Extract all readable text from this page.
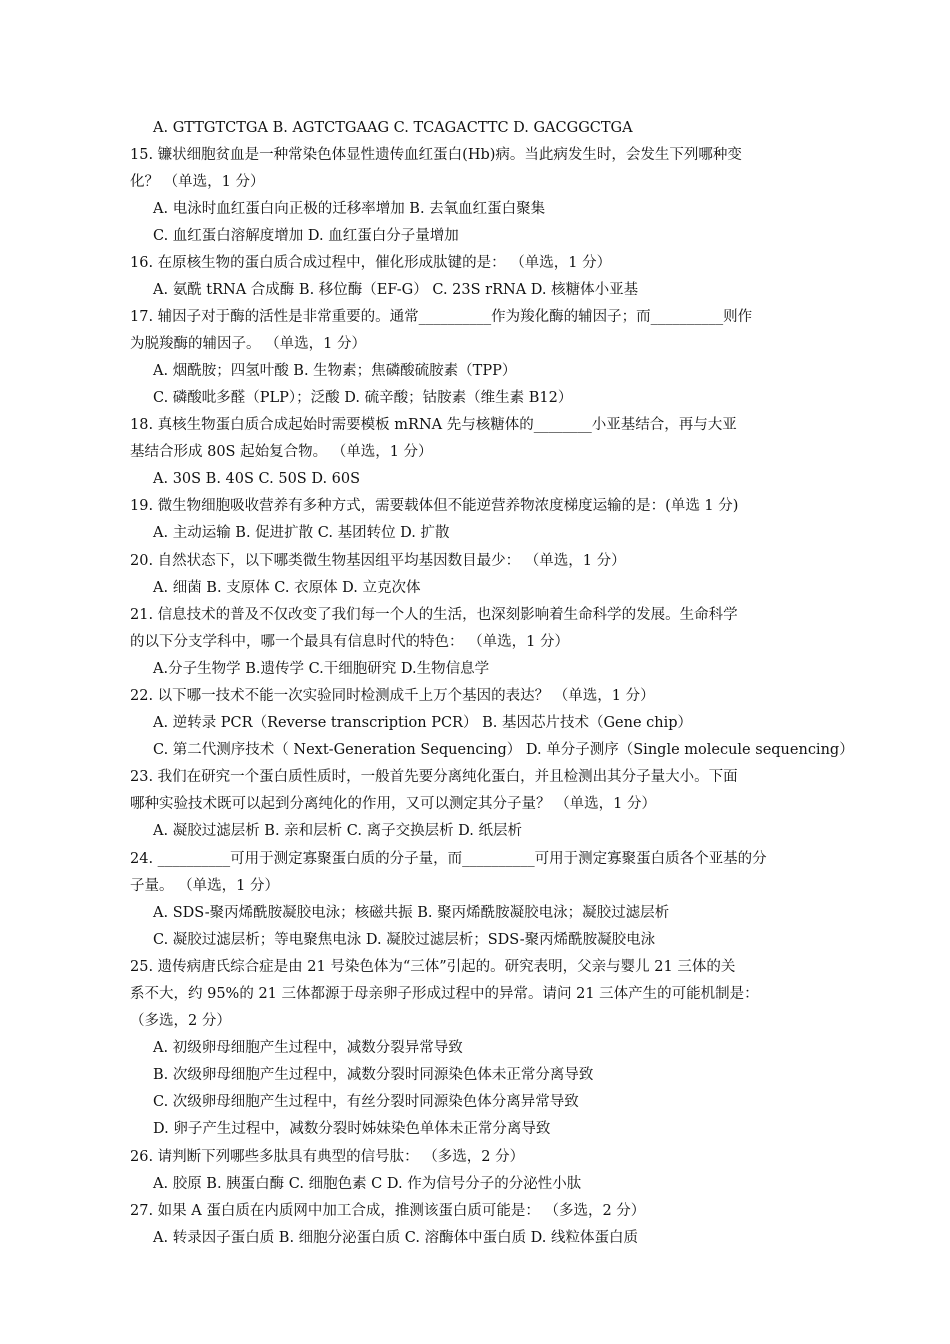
A. GTTGTCTGA B. AGTCTGAAG C. TCAGACTTC D. GACGGCTGA
15. 镰状细胞贫血是一种常染色体显性遗传血红蛋白(Hb)病。当此病发生时，会发生下列哪种变
化？ （单选，1 分）
A. 电泳时血红蛋白向正极的迁移率增加 B. 去氧血红蛋白聚集
C. 血红蛋白溶解度增加 D. 血红蛋白分子量增加
16. 在原核生物的蛋白质合成过程中，催化形成肽键的是： （单选，1 分）
A. 氨酰 tRNA 合成酶 B. 移位酶（EF-G） C. 23S rRNA D. 核糖体小亚基
17. 辅因子对于酶的活性是非常重要的。通常__________作为羧化酶的辅因子；而__________则作
为脱羧酶的辅因子。 （单选，1 分）
A. 烟酰胺；四氢叶酸 B. 生物素；焦磷酸硫胺素（TPP）
C. 磷酸吡多醛（PLP）；泛酸 D. 硫辛酸；钴胺素（维生素 B12）
18. 真核生物蛋白质合成起始时需要模板 mRNA 先与核糖体的________小亚基结合，再与大亚
基结合形成 80S 起始复合物。 （单选，1 分）
A. 30S B. 40S C. 50S D. 60S
19. 微生物细胞吸收营养有多种方式，需要载体但不能逆营养物浓度梯度运输的是：(单选 1 分)
A. 主动运输 B. 促进扩散 C. 基团转位 D. 扩散
20. 自然状态下，以下哪类微生物基因组平均基因数目最少： （单选，1 分）
A. 细菌 B. 支原体 C. 衣原体 D. 立克次体
21. 信息技术的普及不仅改变了我们每一个人的生活，也深刻影响着生命科学的发展。生命科学
的以下分支学科中，哪一个最具有信息时代的特色： （单选，1 分）
A.分子生物学 B.遗传学 C.干细胞研究 D.生物信息学
22. 以下哪一技术不能一次实验同时检测成千上万个基因的表达？ （单选，1 分）
A. 逆转录 PCR（Reverse transcription PCR） B. 基因芯片技术（Gene chip）
C. 第二代测序技术（ Next-Generation Sequencing） D. 单分子测序（Single molecule sequencing）
23. 我们在研究一个蛋白质性质时，一般首先要分离纯化蛋白，并且检测出其分子量大小。下面
哪种实验技术既可以起到分离纯化的作用，又可以测定其分子量？ （单选，1 分）
A. 凝胶过滤层析 B. 亲和层析 C. 离子交换层析 D. 纸层析
24. __________可用于测定寡聚蛋白质的分子量，而__________可用于测定寡聚蛋白质各个亚基的分
子量。 （单选，1 分）
A. SDS-聚丙烯酰胺凝胶电泳；核磁共振 B. 聚丙烯酰胺凝胶电泳；凝胶过滤层析
C. 凝胶过滤层析；等电聚焦电泳 D. 凝胶过滤层析；SDS-聚丙烯酰胺凝胶电泳
25. 遗传病唐氏综合症是由 21 号染色体为“三体”引起的。研究表明，父亲与婴儿 21 三体的关
系不大，约 95%的 21 三体都源于母亲卵子形成过程中的异常。请问 21 三体产生的可能机制是：
（多选，2 分）
A. 初级卵母细胞产生过程中，减数分裂异常导致
B. 次级卵母细胞产生过程中，减数分裂时同源染色体未正常分离导致
C. 次级卵母细胞产生过程中，有丝分裂时同源染色体分离异常导致
D. 卵子产生过程中，减数分裂时姊妹染色单体未正常分离导致
26. 请判断下列哪些多肽具有典型的信号肽： （多选，2 分）
A. 胶原 B. 胰蛋白酶 C. 细胞色素 C D. 作为信号分子的分泌性小肽
27. 如果 A 蛋白质在内质网中加工合成，推测该蛋白质可能是： （多选，2 分）
A. 转录因子蛋白质 B. 细胞分泌蛋白质 C. 溶酶体中蛋白质 D. 线粒体蛋白质
